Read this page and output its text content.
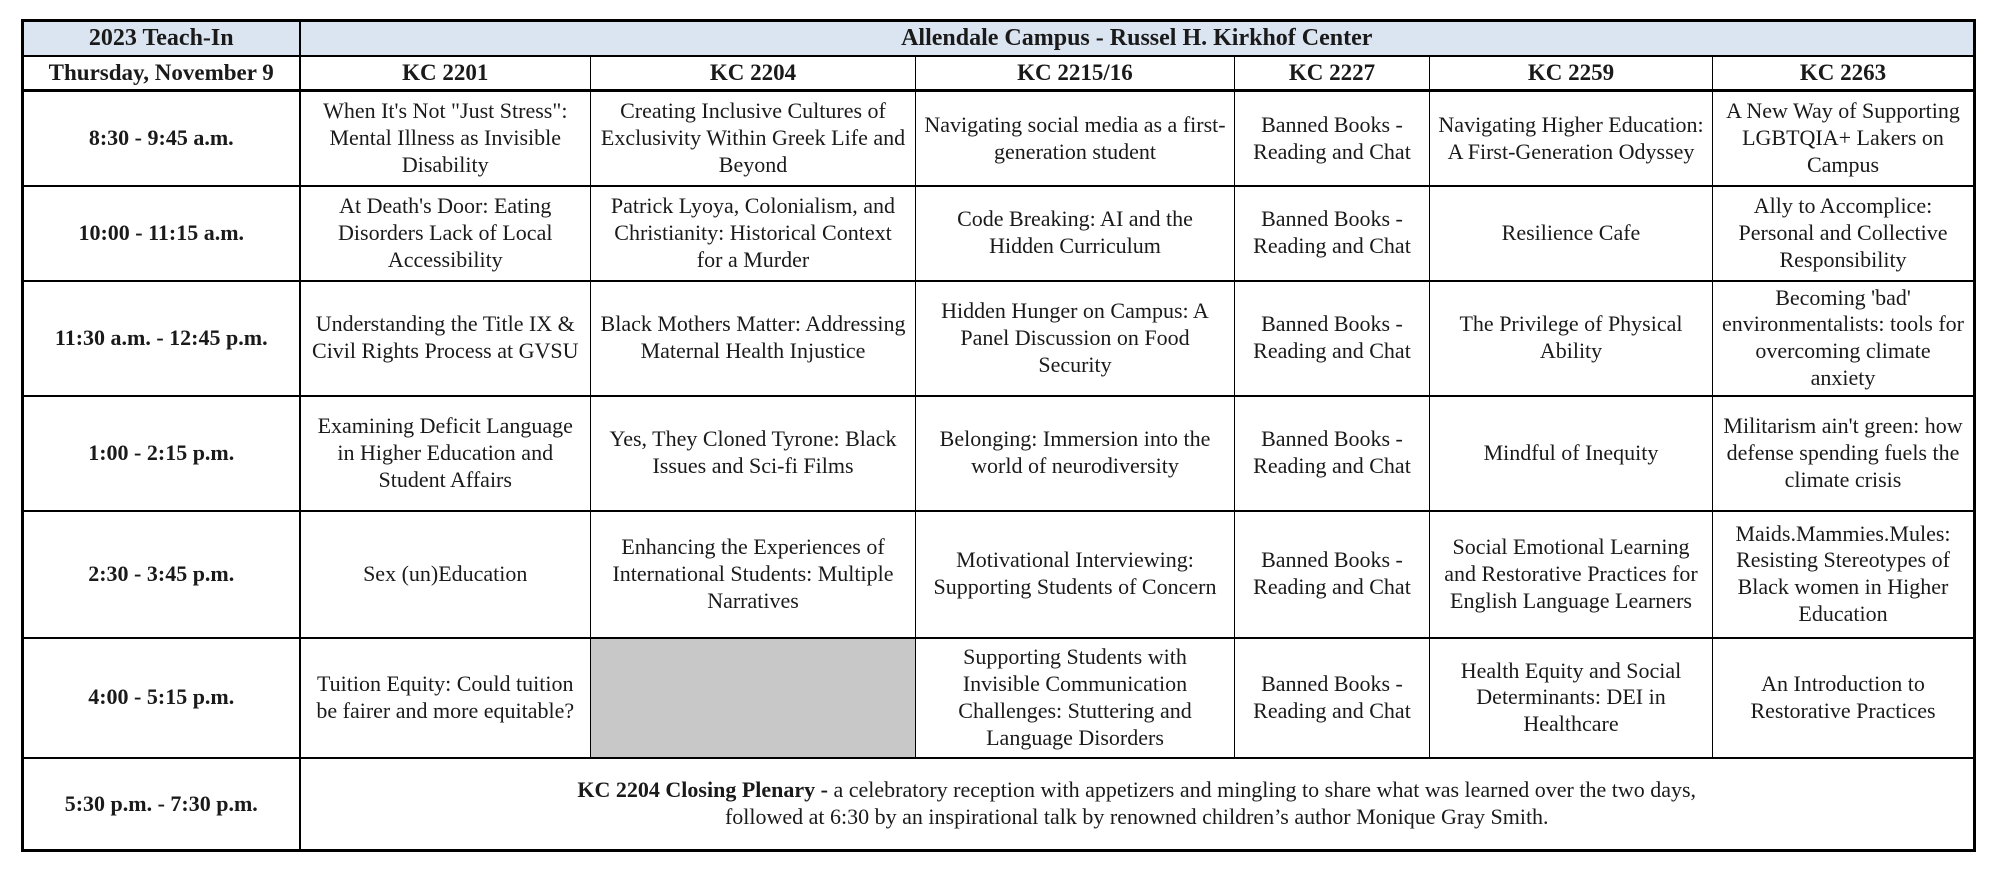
2023 Teach-In	Allendale Campus - Russel H. Kirkhof Center					
Thursday, November 9	KC 2201	KC 2204	KC 2215/16	KC 2227	KC 2259	KC 2263
8:30 - 9:45 a.m.	When It's Not "Just Stress": Mental Illness as Invisible Disability	Creating Inclusive Cultures of Exclusivity Within Greek Life and Beyond	Navigating social media as a first-generation student	Banned Books - Reading and Chat	Navigating Higher Education: A First-Generation Odyssey	A New Way of Supporting LGBTQIA+ Lakers on Campus
10:00 - 11:15 a.m.	At Death's Door: Eating Disorders Lack of Local Accessibility	Patrick Lyoya, Colonialism, and Christianity: Historical Context for a Murder	Code Breaking: AI and the Hidden Curriculum	Banned Books - Reading and Chat	Resilience Cafe	Ally to Accomplice: Personal and Collective Responsibility
11:30 a.m. - 12:45 p.m.	Understanding the Title IX & Civil Rights Process at GVSU	Black Mothers Matter: Addressing Maternal Health Injustice	Hidden Hunger on Campus: A Panel Discussion on Food Security	Banned Books - Reading and Chat	The Privilege of Physical Ability	Becoming 'bad' environmentalists: tools for overcoming climate anxiety
1:00 - 2:15 p.m.	Examining Deficit Language in Higher Education and Student Affairs	Yes, They Cloned Tyrone: Black Issues and Sci-fi Films	Belonging: Immersion into the world of neurodiversity	Banned Books - Reading and Chat	Mindful of Inequity	Militarism ain't green: how defense spending fuels the climate crisis
2:30 - 3:45 p.m.	Sex (un)Education	Enhancing the Experiences of International Students: Multiple Narratives	Motivational Interviewing: Supporting Students of Concern	Banned Books - Reading and Chat	Social Emotional Learning and Restorative Practices for English Language Learners	Maids.Mammies.Mules: Resisting Stereotypes of Black women in Higher Education
4:00 - 5:15 p.m.	Tuition Equity: Could tuition be fairer and more equitable?		Supporting Students with Invisible Communication Challenges: Stuttering and Language Disorders	Banned Books - Reading and Chat	Health Equity and Social Determinants: DEI in Healthcare	An Introduction to Restorative Practices
5:30 p.m. - 7:30 p.m.	KC 2204 Closing Plenary - a celebratory reception with appetizers and mingling to share what was learned over the two days, followed at 6:30 by an inspirational talk by renowned children’s author Monique Gray Smith.					
